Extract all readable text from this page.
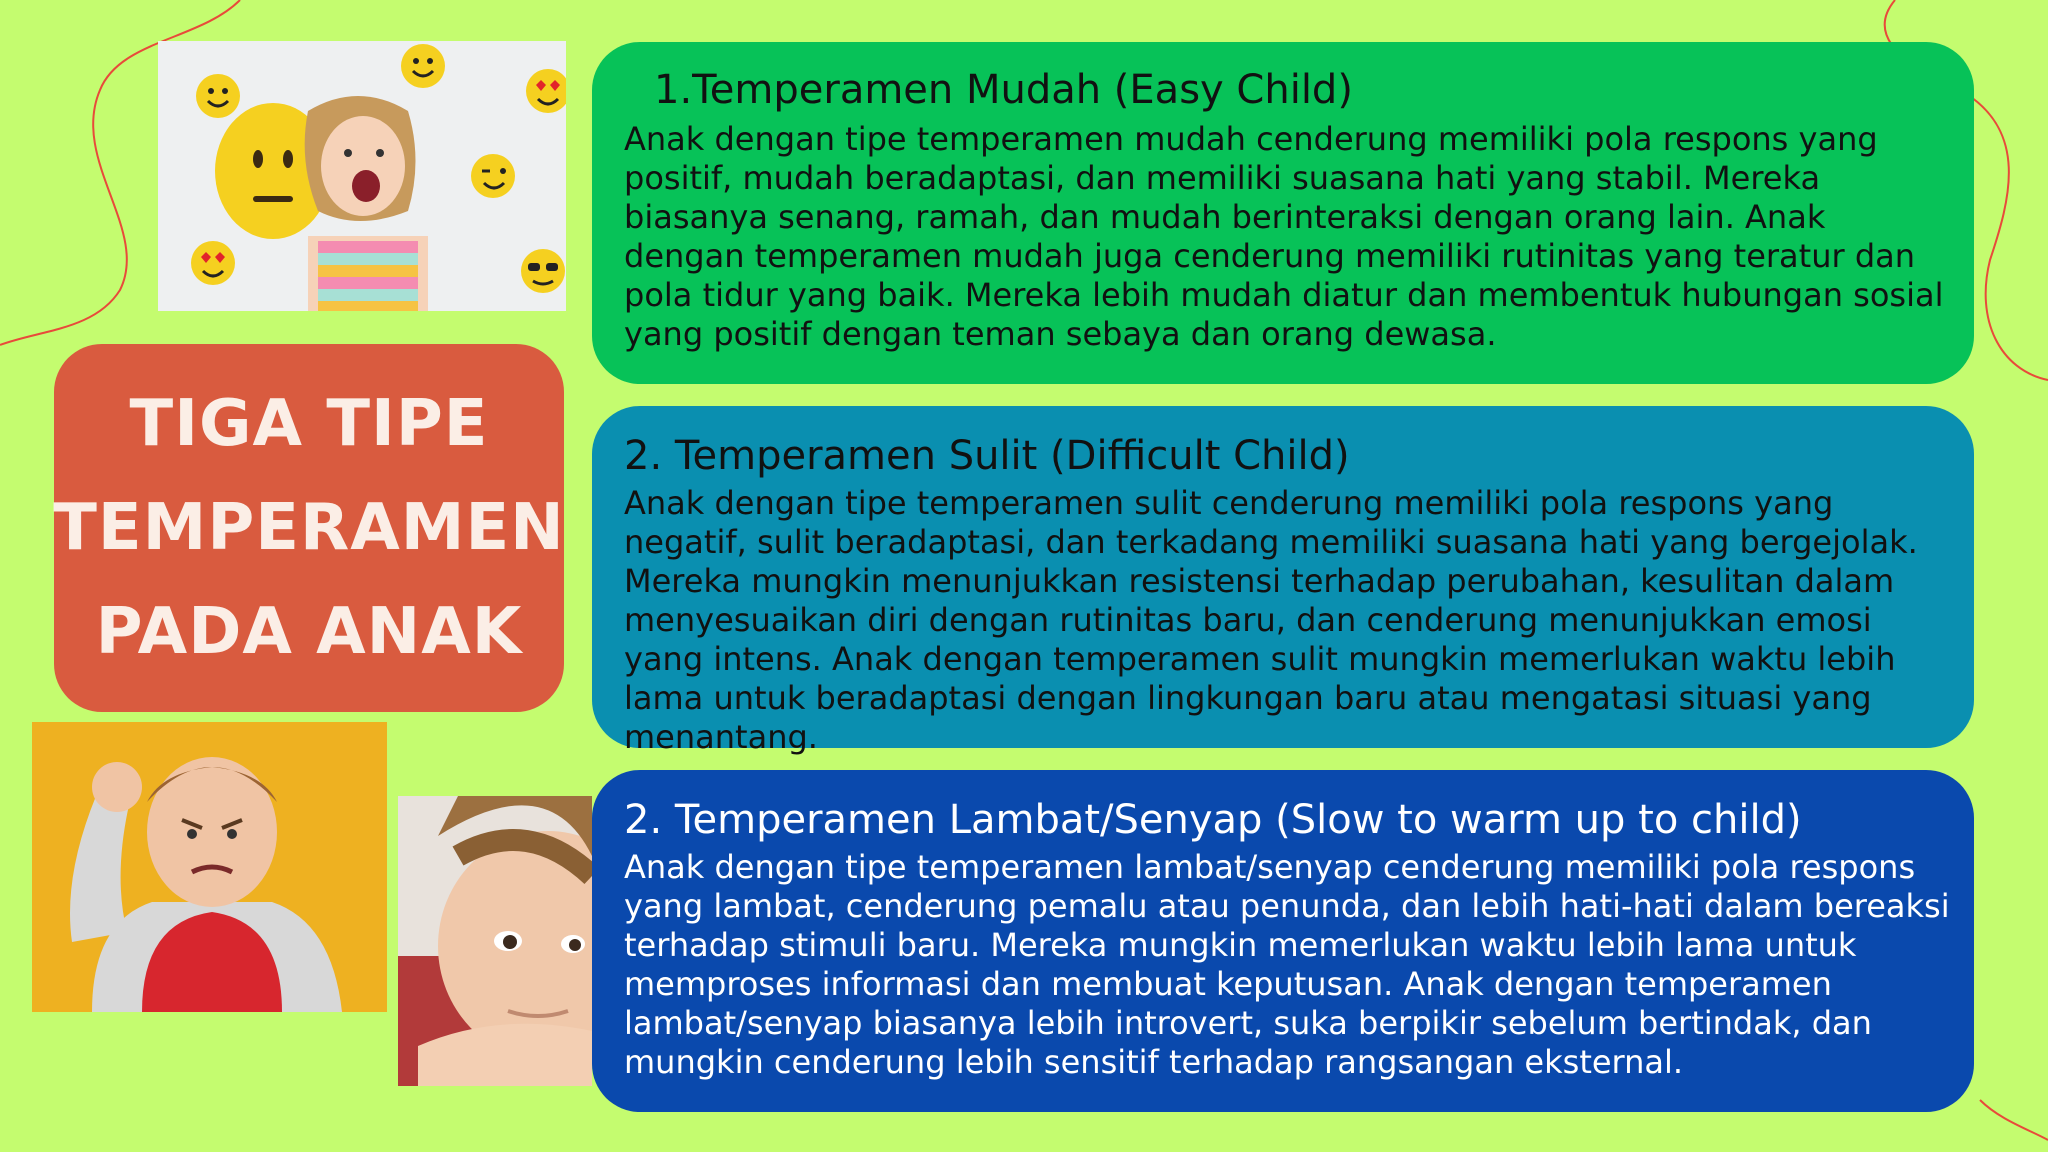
TIGA TIPE
TEMPERAMEN
PADA ANAK
1.Temperamen Mudah (Easy Child)

Anak dengan tipe temperamen mudah cenderung memiliki pola respons yang positif, mudah beradaptasi, dan memiliki suasana hati yang stabil. Mereka biasanya senang, ramah, dan mudah berinteraksi dengan orang lain. Anak dengan temperamen mudah juga cenderung memiliki rutinitas yang teratur dan pola tidur yang baik. Mereka lebih mudah diatur dan membentuk hubungan sosial yang positif dengan teman sebaya dan orang dewasa.

2. Temperamen Sulit (Difficult Child)

Anak dengan tipe temperamen sulit cenderung memiliki pola respons yang negatif, sulit beradaptasi, dan terkadang memiliki suasana hati yang bergejolak. Mereka mungkin menunjukkan resistensi terhadap perubahan, kesulitan dalam menyesuaikan diri dengan rutinitas baru, dan cenderung menunjukkan emosi yang intens. Anak dengan temperamen sulit mungkin memerlukan waktu lebih lama untuk beradaptasi dengan lingkungan baru atau mengatasi situasi yang menantang.

2. Temperamen Lambat/Senyap (Slow to warm up to child)

Anak dengan tipe temperamen lambat/senyap cenderung memiliki pola respons yang lambat, cenderung pemalu atau penunda, dan lebih hati-hati dalam bereaksi terhadap stimuli baru. Mereka mungkin memerlukan waktu lebih lama untuk memproses informasi dan membuat keputusan. Anak dengan temperamen lambat/senyap biasanya lebih introvert, suka berpikir sebelum bertindak, dan mungkin cenderung lebih sensitif terhadap rangsangan eksternal.
